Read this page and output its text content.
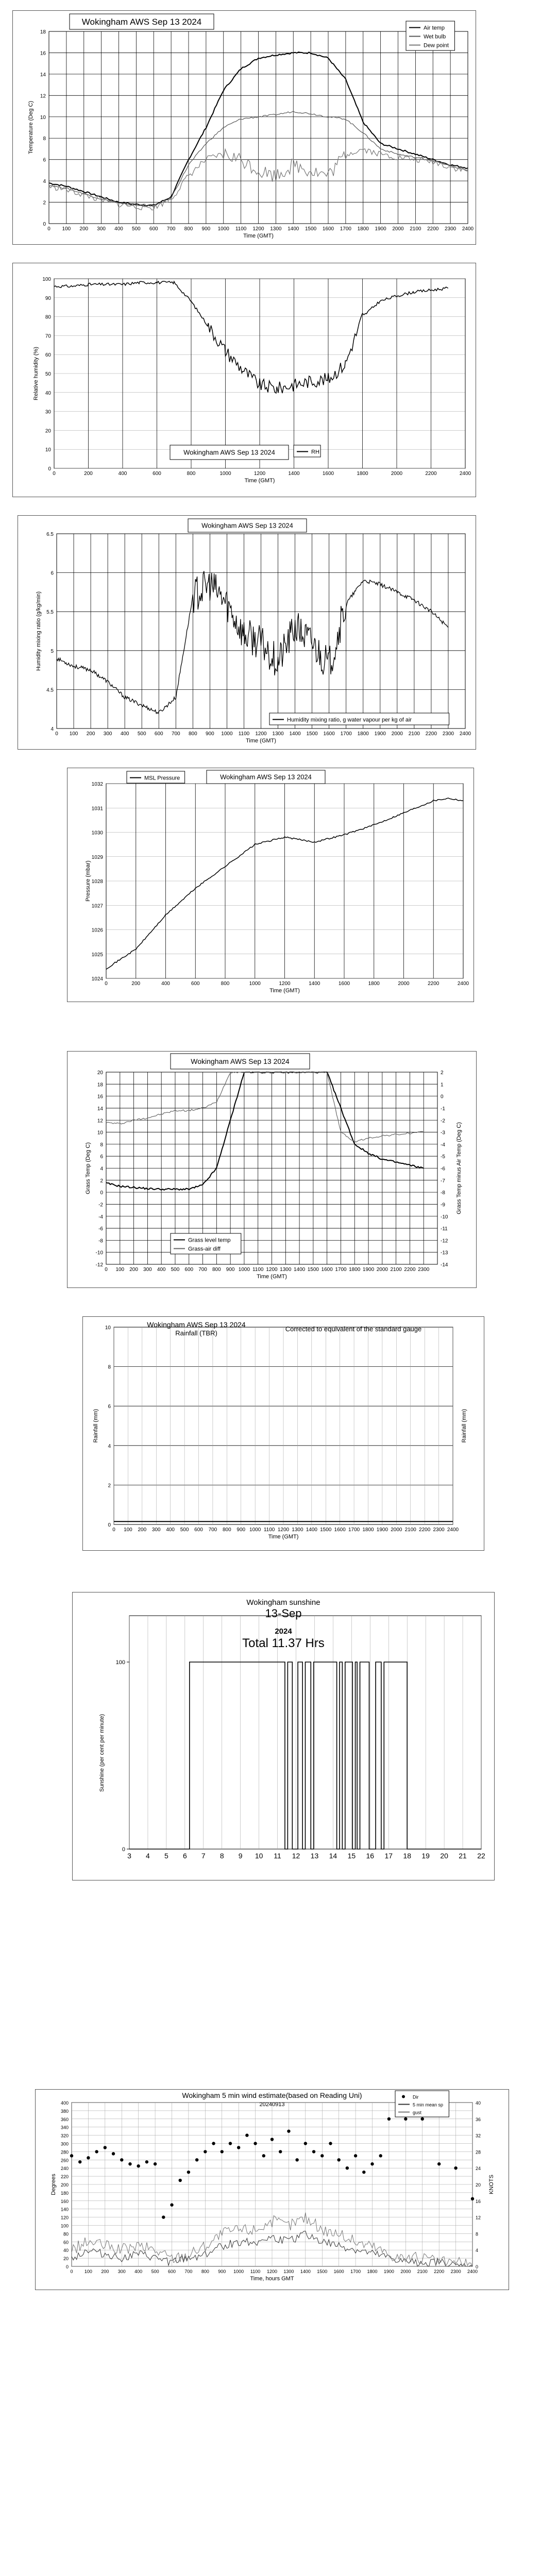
0
2
4
6
8
10
12
14
16
18
0 100 200 300 400 500 600 700 800 900 1000 1100 1200 1300 1400 1500 1600 1700 1800 1900 2000 2100 2200 2300 2400
Time (GMT)
Temperature (Deg C)
Wokingham AWS Sep 13 2024
Air temp
Wet bulb
Dew point
0
10
20
30
40
50
60
70
80
90
100
0	200	400	600	800	1000	1200	1400	1600	1800	2000	2200	2400
Time (GMT)
Relative humidity (%)
Wokingham AWS Sep 13 2024	RH
4
4.5
5
5.5
6
6.5
0 100 200 300 400 500 600 700 800 900 1000 1100 1200 1300 1400 1500 1600 1700 1800 1900 2000 2100 2200 2300 2400
Time (GMT)
Humidity mixing ratio (g/kg/min)
Wokingham AWS Sep 13 2024
Humidity mixing ratio, g water vapour per kg of air
1024
1025
1026
1027
1028
1029
1030
1031
1032
0	200	400	600	800	1000	1200	1400	1600	1800	2000	2200	2400
Time (GMT)
Pressure (mbar)
MSL Pressure	Wokingham AWS Sep 13 2024
-12
-10
-8
-6
-4
-2
0
2
4
6
8
10
12
14
16
18
20
0 100 200 300 400 500 600 700 800 900 1000 1100 1200 1300 1400 1500 1600 1700 1800 1900 2000 2100 2200 2300
Time (GMT)
Grass Temp (Deg C)
-14
-13
-12
-11
-10
-9
-8
-7
-6
-5
-4
-3
-2
-1
0
1
2
Grass Temp minus Air Temp (Deg C)
Wokingham AWS Sep 13 2024
Grass level temp
Grass-air diff
0
2
4
6
8
10
0 100 200 300 400 500 600 700 800 900 1000 1100 1200 1300 1400 1500 1600 1700 1800 1900 2000 2100 2200 2300 2400
Time (GMT)
Rainfall (mm)	Rainfall (mm)
Wokingham AWS Sep 13 2024
Rainfall (TBR)
Corrected to equivalent of the standard gauge
3 4 5 6 7 8 9 10 11 12 13 14 15 16 17 18 19 20 21 22
0
100
Sunshine (per cent per minute)
Wokingham sunshine
13-Sep
2024
Total 11.37 Hrs
0
20
40
60
80
100
120
140
160
180
200
220
240
260
280
300
320
340
360
380
400
0 100 200 300 400 500 600 700 800 900 1000 1100 1200 1300 1400 1500 1600 1700 1800 1900 2000 2100 2200 2300 2400
Time, hours GMT
Degrees
0
4
8
12
16
20
24
28
32
36
40
KNOTS
Wokingham 5 min wind estimate(based on Reading Uni)
20240913
Dir
5 min mean sp
gust
